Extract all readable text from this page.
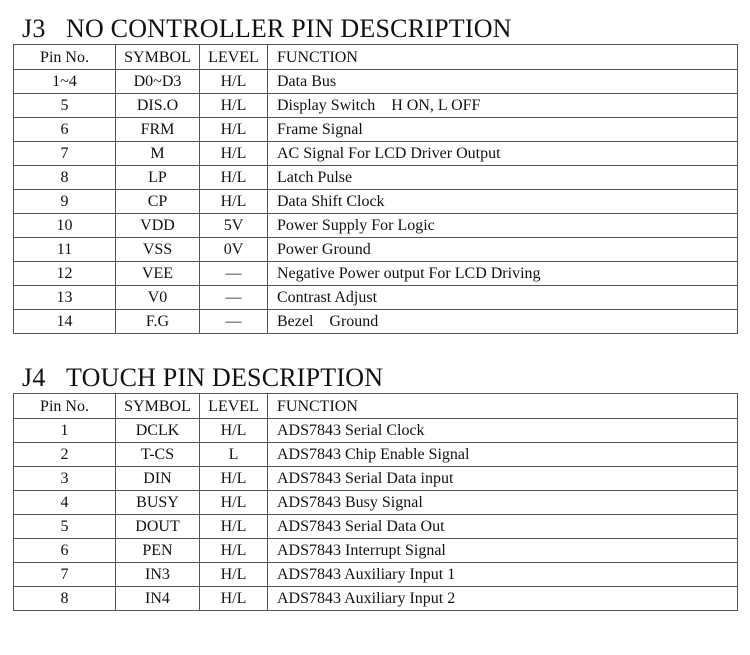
J3 NO CONTROLLER PIN DESCRIPTION
Pin No.	SYMBOL	LEVEL	FUNCTION
1~4	D0~D3	H/L	Data Bus
5	DIS.O	H/L	Display Switch    H ON, L OFF
6	FRM	H/L	Frame Signal
7	M	H/L	AC Signal For LCD Driver Output
8	LP	H/L	Latch Pulse
9	CP	H/L	Data Shift Clock
10	VDD	5V	Power Supply For Logic
11	VSS	0V	Power Ground
12	VEE	—	Negative Power output For LCD Driving
13	V0	—	Contrast Adjust
14	F.G	—	Bezel    Ground
J4 TOUCH PIN DESCRIPTION
Pin No.	SYMBOL	LEVEL	FUNCTION
1	DCLK	H/L	ADS7843 Serial Clock
2	T-CS	L	ADS7843 Chip Enable Signal
3	DIN	H/L	ADS7843 Serial Data input
4	BUSY	H/L	ADS7843 Busy Signal
5	DOUT	H/L	ADS7843 Serial Data Out
6	PEN	H/L	ADS7843 Interrupt Signal
7	IN3	H/L	ADS7843 Auxiliary Input 1
8	IN4	H/L	ADS7843 Auxiliary Input 2
